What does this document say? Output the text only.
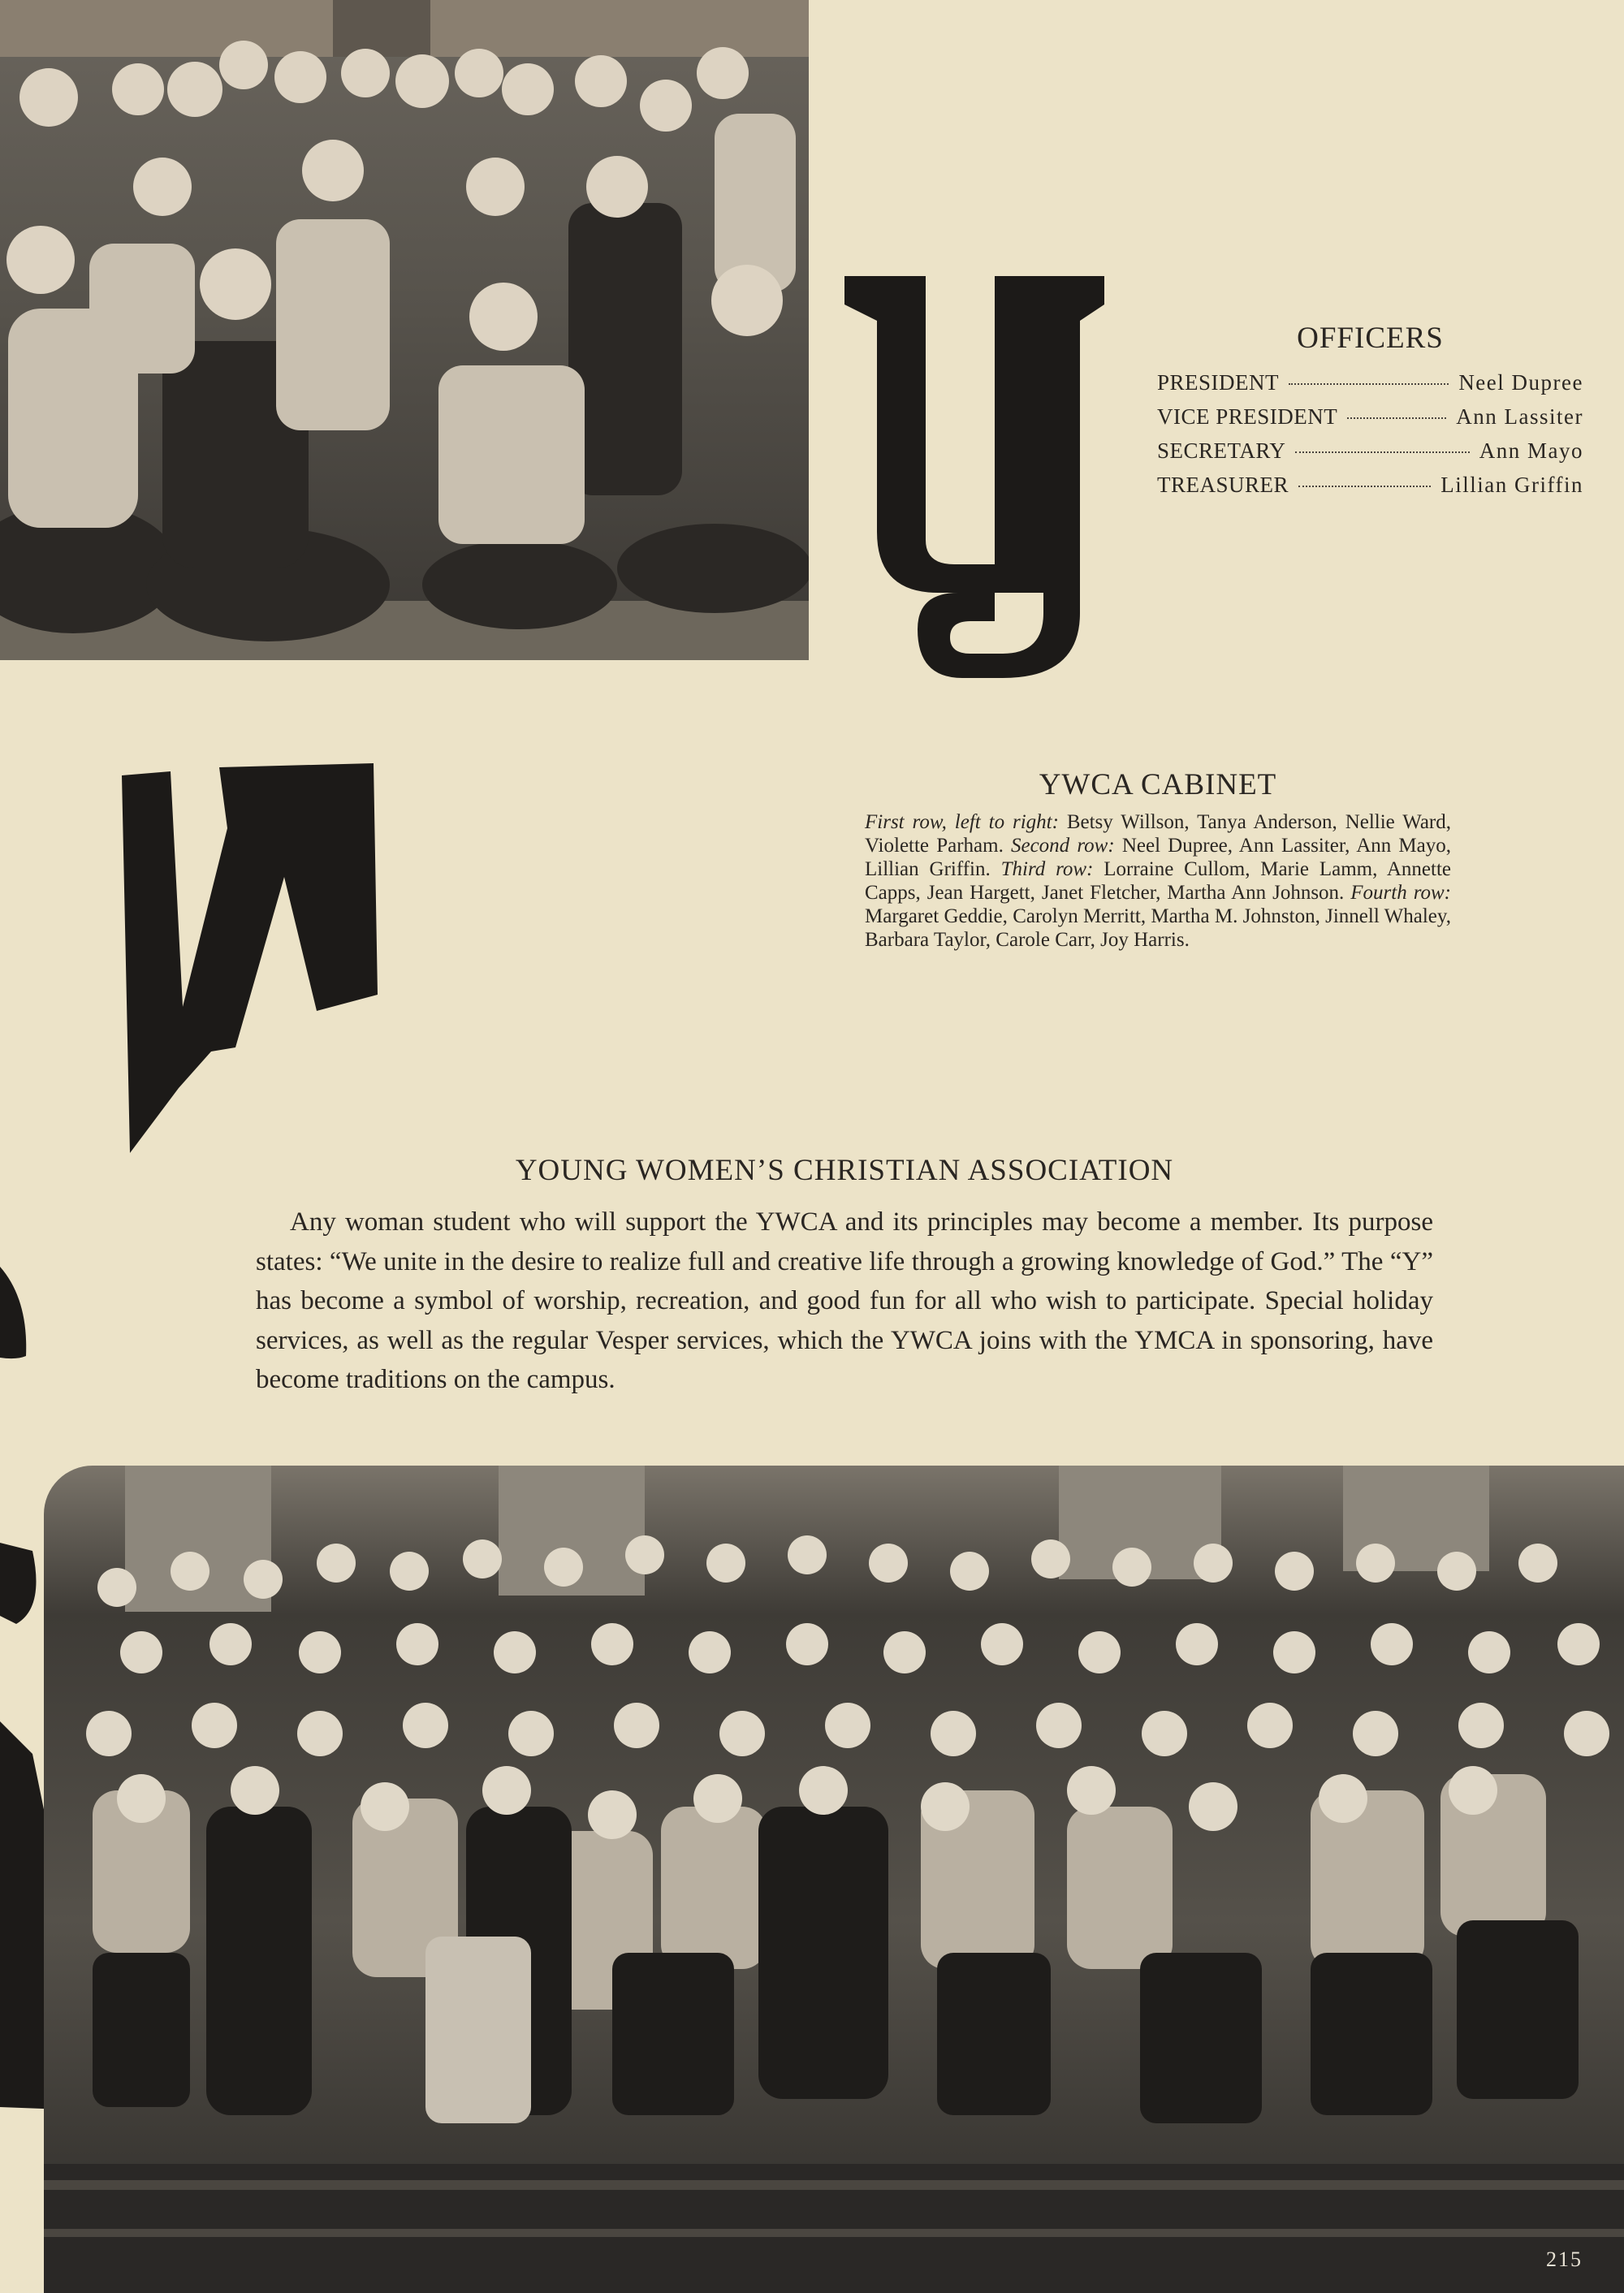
OFFICERS
PRESIDENT	Neel Dupree
VICE PRESIDENT	Ann Lassiter
SECRETARY	Ann Mayo
TREASURER	Lillian Griffin
YWCA CABINET

First row, left to right: Betsy Willson, Tanya Anderson, Nellie Ward, Violette Parham. Second row: Neel Dupree, Ann Lassiter, Ann Mayo, Lillian Griffin. Third row: Lorraine Cullom, Marie Lamm, Annette Capps, Jean Hargett, Janet Fletcher, Martha Ann Johnson. Fourth row: Margaret Geddie, Carolyn Merritt, Martha M. Johnston, Jinnell Whaley, Barbara Taylor, Carole Carr, Joy Harris.

YOUNG WOMEN’S CHRISTIAN ASSOCIATION

Any woman student who will support the YWCA and its principles may become a member. Its purpose states: “We unite in the desire to realize full and creative life through a growing knowledge of God.” The “Y” has become a symbol of worship, recreation, and good fun for all who wish to participate. Special holiday services, as well as the regular Vesper services, which the YWCA joins with the YMCA in sponsoring, have become traditions on the campus.

215
